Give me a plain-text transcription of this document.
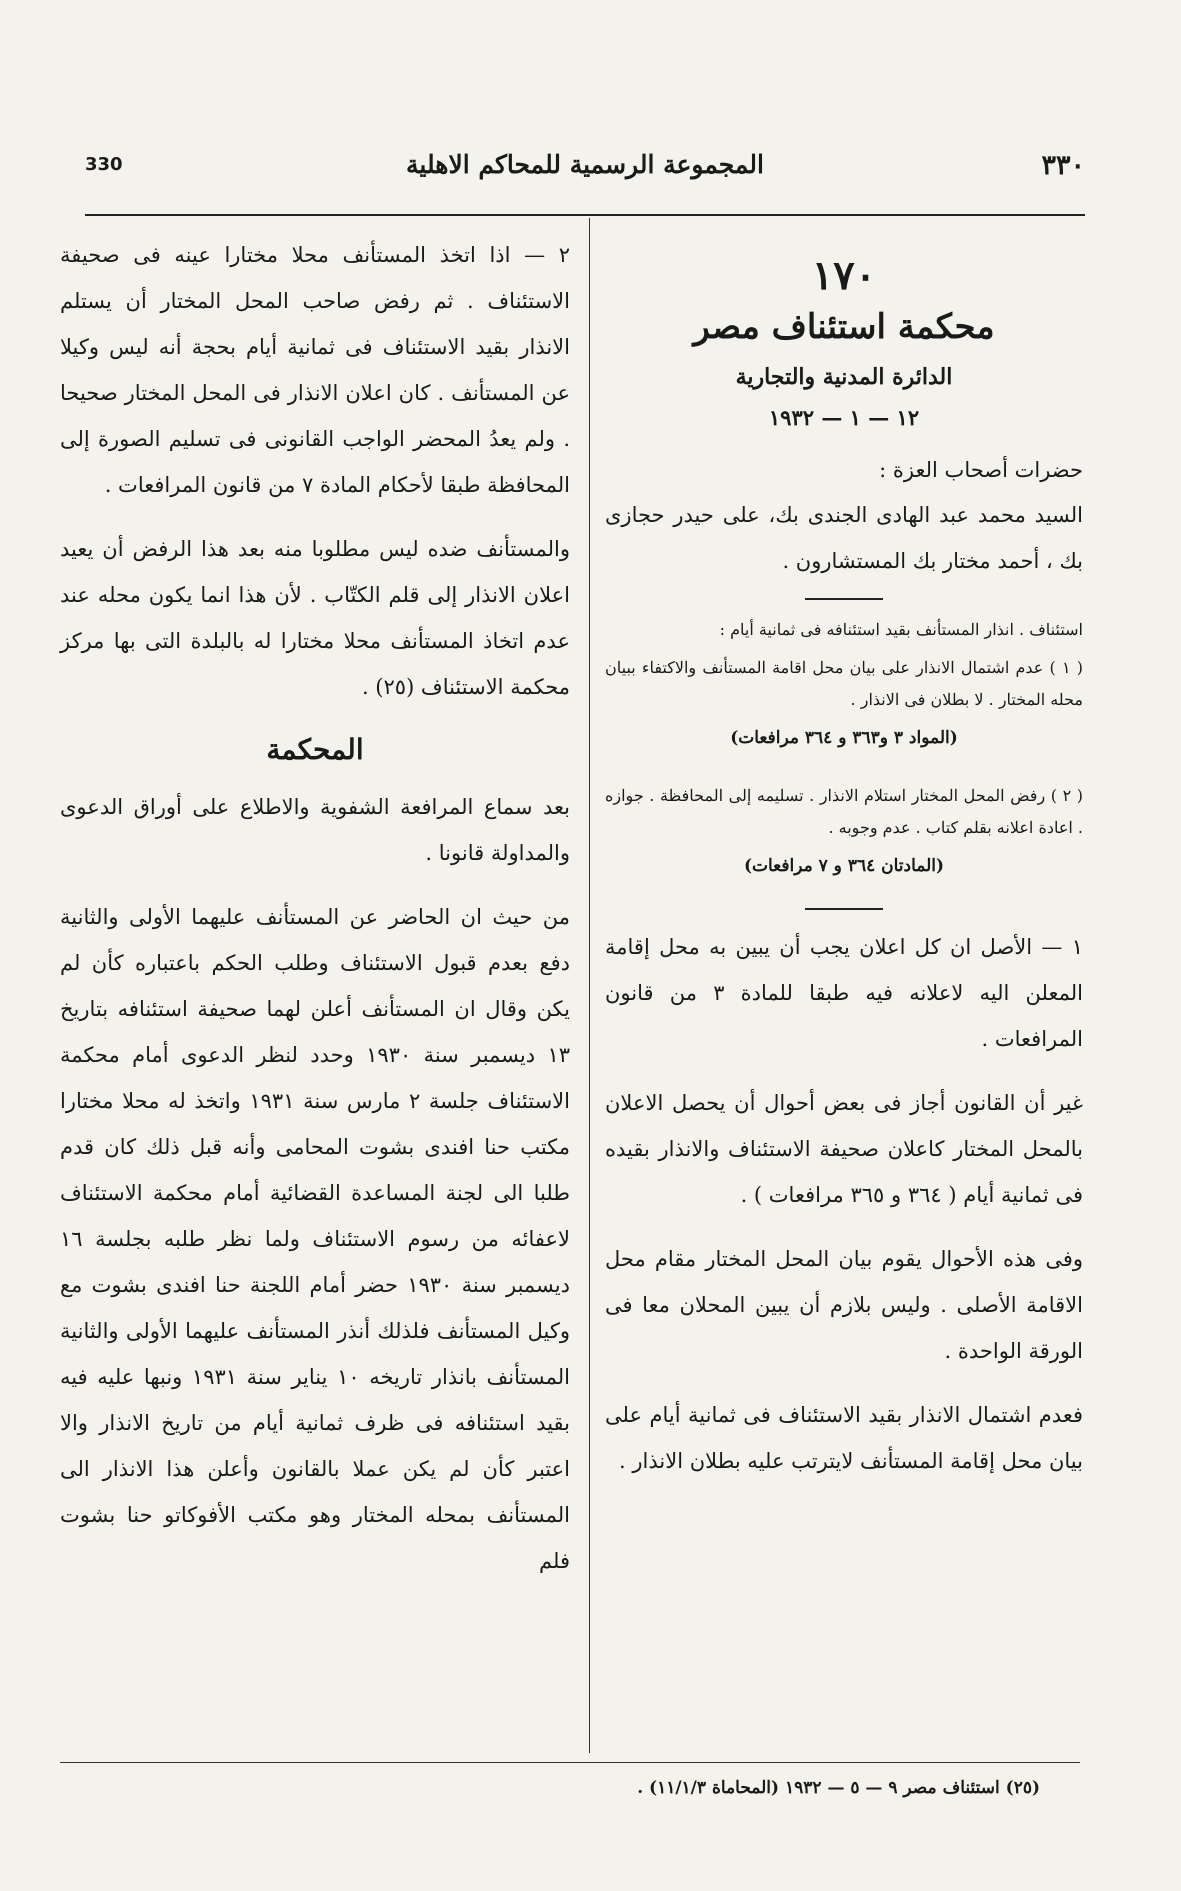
330	المجموعة الرسمية للمحاكم الاهلية	٣٣٠
١٧٠
محكمة استئناف مصر
الدائرة المدنية والتجارية
١٢ — ١ — ١٩٣٢
حضرات أصحاب العزة :

السيد محمد عبد الهادى الجندى بك، على حيدر حجازى بك ، أحمد مختار بك المستشارون .

استئناف . انذار المستأنف بقيد استئنافه فى ثمانية أيام :

( ١ ) عدم اشتمال الانذار على بيان محل اقامة المستأنف والاكتفاء ببيان محله المختار . لا بطلان فى الانذار .

(المواد ٣ و٣٦٣ و ٣٦٤ مرافعات)

( ٢ ) رفض المحل المختار استلام الانذار . تسليمه إلى المحافظة . جوازه . اعادة اعلانه بقلم كتاب . عدم وجوبه .

(المادتان ٣٦٤ و ٧ مرافعات)

١ — الأصل ان كل اعلان يجب أن يبين به محل إقامة المعلن اليه لاعلانه فيه طبقا للمادة ٣ من قانون المرافعات .

غير أن القانون أجاز فى بعض أحوال أن يحصل الاعلان بالمحل المختار كاعلان صحيفة الاستئناف والانذار بقيده فى ثمانية أيام ( ٣٦٤ و ٣٦٥ مرافعات ) .

وفى هذه الأحوال يقوم بيان المحل المختار مقام محل الاقامة الأصلى . وليس بلازم أن يبين المحلان معا فى الورقة الواحدة .

فعدم اشتمال الانذار بقيد الاستئناف فى ثمانية أيام على بيان محل إقامة المستأنف لايترتب عليه بطلان الانذار .

٢ — اذا اتخذ المستأنف محلا مختارا عينه فى صحيفة الاستئناف . ثم رفض صاحب المحل المختار أن يستلم الانذار بقيد الاستئناف فى ثمانية أيام بحجة أنه ليس وكيلا عن المستأنف . كان اعلان الانذار فى المحل المختار صحيحا . ولم يعدُ المحضر الواجب القانونى فى تسليم الصورة إلى المحافظة طبقا لأحكام المادة ٧ من قانون المرافعات .

والمستأنف ضده ليس مطلوبا منه بعد هذا الرفض أن يعيد اعلان الانذار إلى قلم الكتّاب . لأن هذا انما يكون محله عند عدم اتخاذ المستأنف محلا مختارا له بالبلدة التى بها مركز محكمة الاستئناف (٢٥) .

المحكمة

بعد سماع المرافعة الشفوية والاطلاع على أوراق الدعوى والمداولة قانونا .

من حيث ان الحاضر عن المستأنف عليهما الأولى والثانية دفع بعدم قبول الاستئناف وطلب الحكم باعتباره كأن لم يكن وقال ان المستأنف أعلن لهما صحيفة استئنافه بتاريخ ١٣ ديسمبر سنة ١٩٣٠ وحدد لنظر الدعوى أمام محكمة الاستئناف جلسة ٢ مارس سنة ١٩٣١ واتخذ له محلا مختارا مكتب حنا افندى بشوت المحامى وأنه قبل ذلك كان قدم طلبا الى لجنة المساعدة القضائية أمام محكمة الاستئناف لاعفائه من رسوم الاستئناف ولما نظر طلبه بجلسة ١٦ ديسمبر سنة ١٩٣٠ حضر أمام اللجنة حنا افندى بشوت مع وكيل المستأنف فلذلك أنذر المستأنف عليهما الأولى والثانية المستأنف بانذار تاريخه ١٠ يناير سنة ١٩٣١ ونبها عليه فيه بقيد استئنافه فى ظرف ثمانية أيام من تاريخ الانذار والا اعتبر كأن لم يكن عملا بالقانون وأعلن هذا الانذار الى المستأنف بمحله المختار وهو مكتب الأفوكاتو حنا بشوت فلم

(٢٥) استئناف مصر ٩ — ٥ — ١٩٣٢ (المحاماة ١١/١/٣) .
